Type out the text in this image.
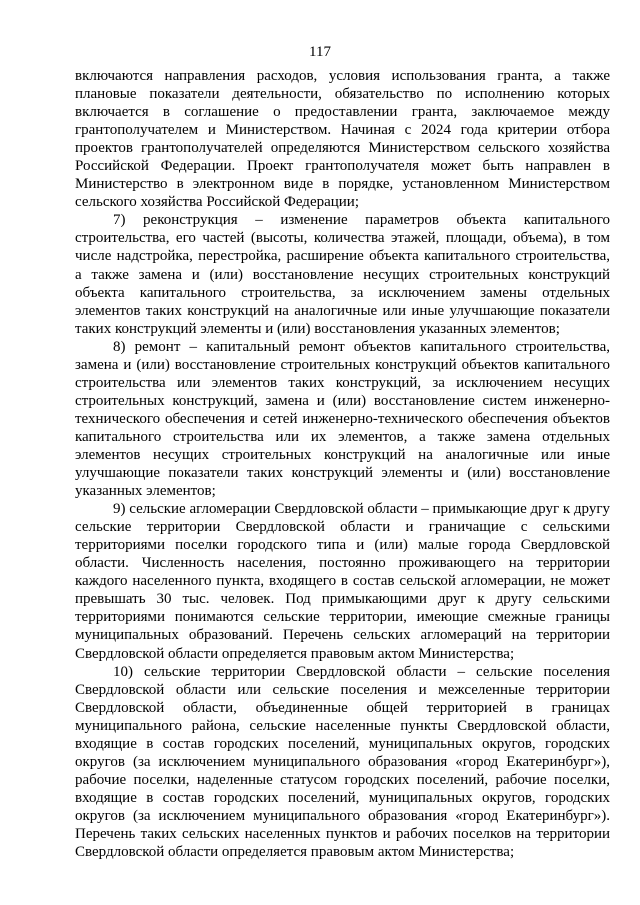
117

включаются направления расходов, условия использования гранта, а также плановые показатели деятельности, обязательство по исполнению которых включается в соглашение о предоставлении гранта, заключаемое между грантополучателем и Министерством. Начиная с 2024 года критерии отбора проектов грантополучателей определяются Министерством сельского хозяйства Российской Федерации. Проект грантополучателя может быть направлен в Министерство в электронном виде в порядке, установленном Министерством сельского хозяйства Российской Федерации;

7) реконструкция – изменение параметров объекта капитального строительства, его частей (высоты, количества этажей, площади, объема), в том числе надстройка, перестройка, расширение объекта капитального строительства, а также замена и (или) восстановление несущих строительных конструкций объекта капитального строительства, за исключением замены отдельных элементов таких конструкций на аналогичные или иные улучшающие показатели таких конструкций элементы и (или) восстановления указанных элементов;

8) ремонт – капитальный ремонт объектов капитального строительства, замена и (или) восстановление строительных конструкций объектов капитального строительства или элементов таких конструкций, за исключением несущих строительных конструкций, замена и (или) восстановление систем инженерно-технического обеспечения и сетей инженерно-технического обеспечения объектов капитального строительства или их элементов, а также замена отдельных элементов несущих строительных конструкций на аналогичные или иные улучшающие показатели таких конструкций элементы и (или) восстановление указанных элементов;

9) сельские агломерации Свердловской области – примыкающие друг к другу сельские территории Свердловской области и граничащие с сельскими территориями поселки городского типа и (или) малые города Свердловской области. Численность населения, постоянно проживающего на территории каждого населенного пункта, входящего в состав сельской агломерации, не может превышать 30 тыс. человек. Под примыкающими друг к другу сельскими территориями понимаются сельские территории, имеющие смежные границы муниципальных образований. Перечень сельских агломераций на территории Свердловской области определяется правовым актом Министерства;

10) сельские территории Свердловской области – сельские поселения Свердловской области или сельские поселения и межселенные территории Свердловской области, объединенные общей территорией в границах муниципального района, сельские населенные пункты Свердловской области, входящие в состав городских поселений, муниципальных округов, городских округов (за исключением муниципального образования «город Екатеринбург»), рабочие поселки, наделенные статусом городских поселений, рабочие поселки, входящие в состав городских поселений, муниципальных округов, городских округов (за исключением муниципального образования «город Екатеринбург»). Перечень таких сельских населенных пунктов и рабочих поселков на территории Свердловской области определяется правовым актом Министерства;
